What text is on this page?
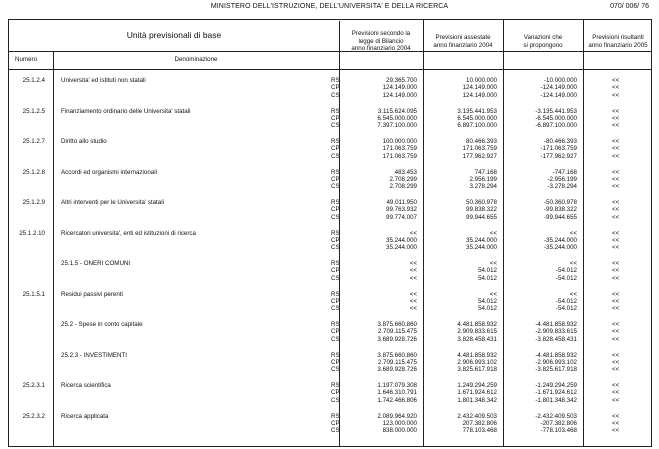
MINISTERO DELL'ISTRUZIONE, DELL'UNIVERSITA' E DELLA RICERCA	070/ 006/ 76
Unità previsionali di base
Numero	Denominazione
Previsioni secondo la
legge di Bilancio
anno finanziario 2004
Previsioni assestate
anno finanziario 2004
Variazioni che
si propongono
Previsioni risultanti
anno finanziario 2005
25.1.2.4	Universita' ed istituti non statali	RS	29.365.700	10.000.000	-10.000.000	<<
CP	124.149.000	124.149.000	-124.149.000	<<
CS	124.149.000	124.149.000	-124.149.000	<<
25.1.2.5	Finanziamento ordinario delle Universita' statali	RS	3.115.624.095	3.135.441.953	-3.135.441.953	<<
CP	6.545.000.000	6.545.000.000	-6.545.000.000	<<
CS	7.397.100.000	6.897.100.000	-6.897.100.000	<<
25.1.2.7	Diritto allo studio	RS	100.000.000	80.466.393	-80.466.393	<<
CP	171.063.759	171.063.759	-171.063.759	<<
CS	171.063.759	177.962.927	-177.962.927	<<
25.1.2.8	Accordi ed organismi internazionali	RS	483.453	747.168	-747.168	<<
CP	2.708.299	2.956.199	-2.956.199	<<
CS	2.708.299	3.278.294	-3.278.294	<<
25.1.2.9	Altri interventi per le Universita' statali	RS	49.011.950	50.360.978	-50.360.978	<<
CP	99.763.932	99.838.322	-99.838.322	<<
CS	99.774.007	99.944.655	-99.944.655	<<
25.1.2.10	Ricercatori universita', enti ed istituzioni di ricerca	RS	<<	<<	<<	<<
CP	35.244.000	35.244.000	-35.244.000	<<
CS	35.244.000	35.244.000	-35.244.000	<<
25.1.5 - ONERI COMUNI	RS	<<	<<	<<	<<
CP	<<	54.012	-54.012	<<
CS	<<	54.012	-54.012	<<
25.1.5.1	Residui passivi perenti	RS	<<	<<	<<	<<
CP	<<	54.012	-54.012	<<
CS	<<	54.012	-54.012	<<
25.2 - Spese in conto capitale	RS	3.875.660.860	4.481.858.932	-4.481.858.932	<<
CP	2.709.115.475	2.909.833.615	-2.909.833.615	<<
CS	3.689.928.726	3.828.458.431	-3.828.458.431	<<
25.2.3 - INVESTIMENTI	RS	3.875.660.860	4.481.858.932	-4.481.858.932	<<
CP	2.709.115.475	2.906.993.102	-2.906.993.102	<<
CS	3.689.928.726	3.825.617.918	-3.825.617.918	<<
25.2.3.1	Ricerca scientifica	RS	1.197.079.308	1.249.294.259	-1.249.294.259	<<
CP	1.646.310.791	1.671.924.612	-1.671.924.612	<<
CS	1.742.466.806	1.801.348.342	-1.801.348.342	<<
25.2.3.2	Ricerca applicata	RS	2.089.964.920	2.432.409.503	-2.432.409.503	<<
CP	123.000.000	207.382.806	-207.382.806	<<
CS	838.000.000	778.103.468	-778.103.468	<<
